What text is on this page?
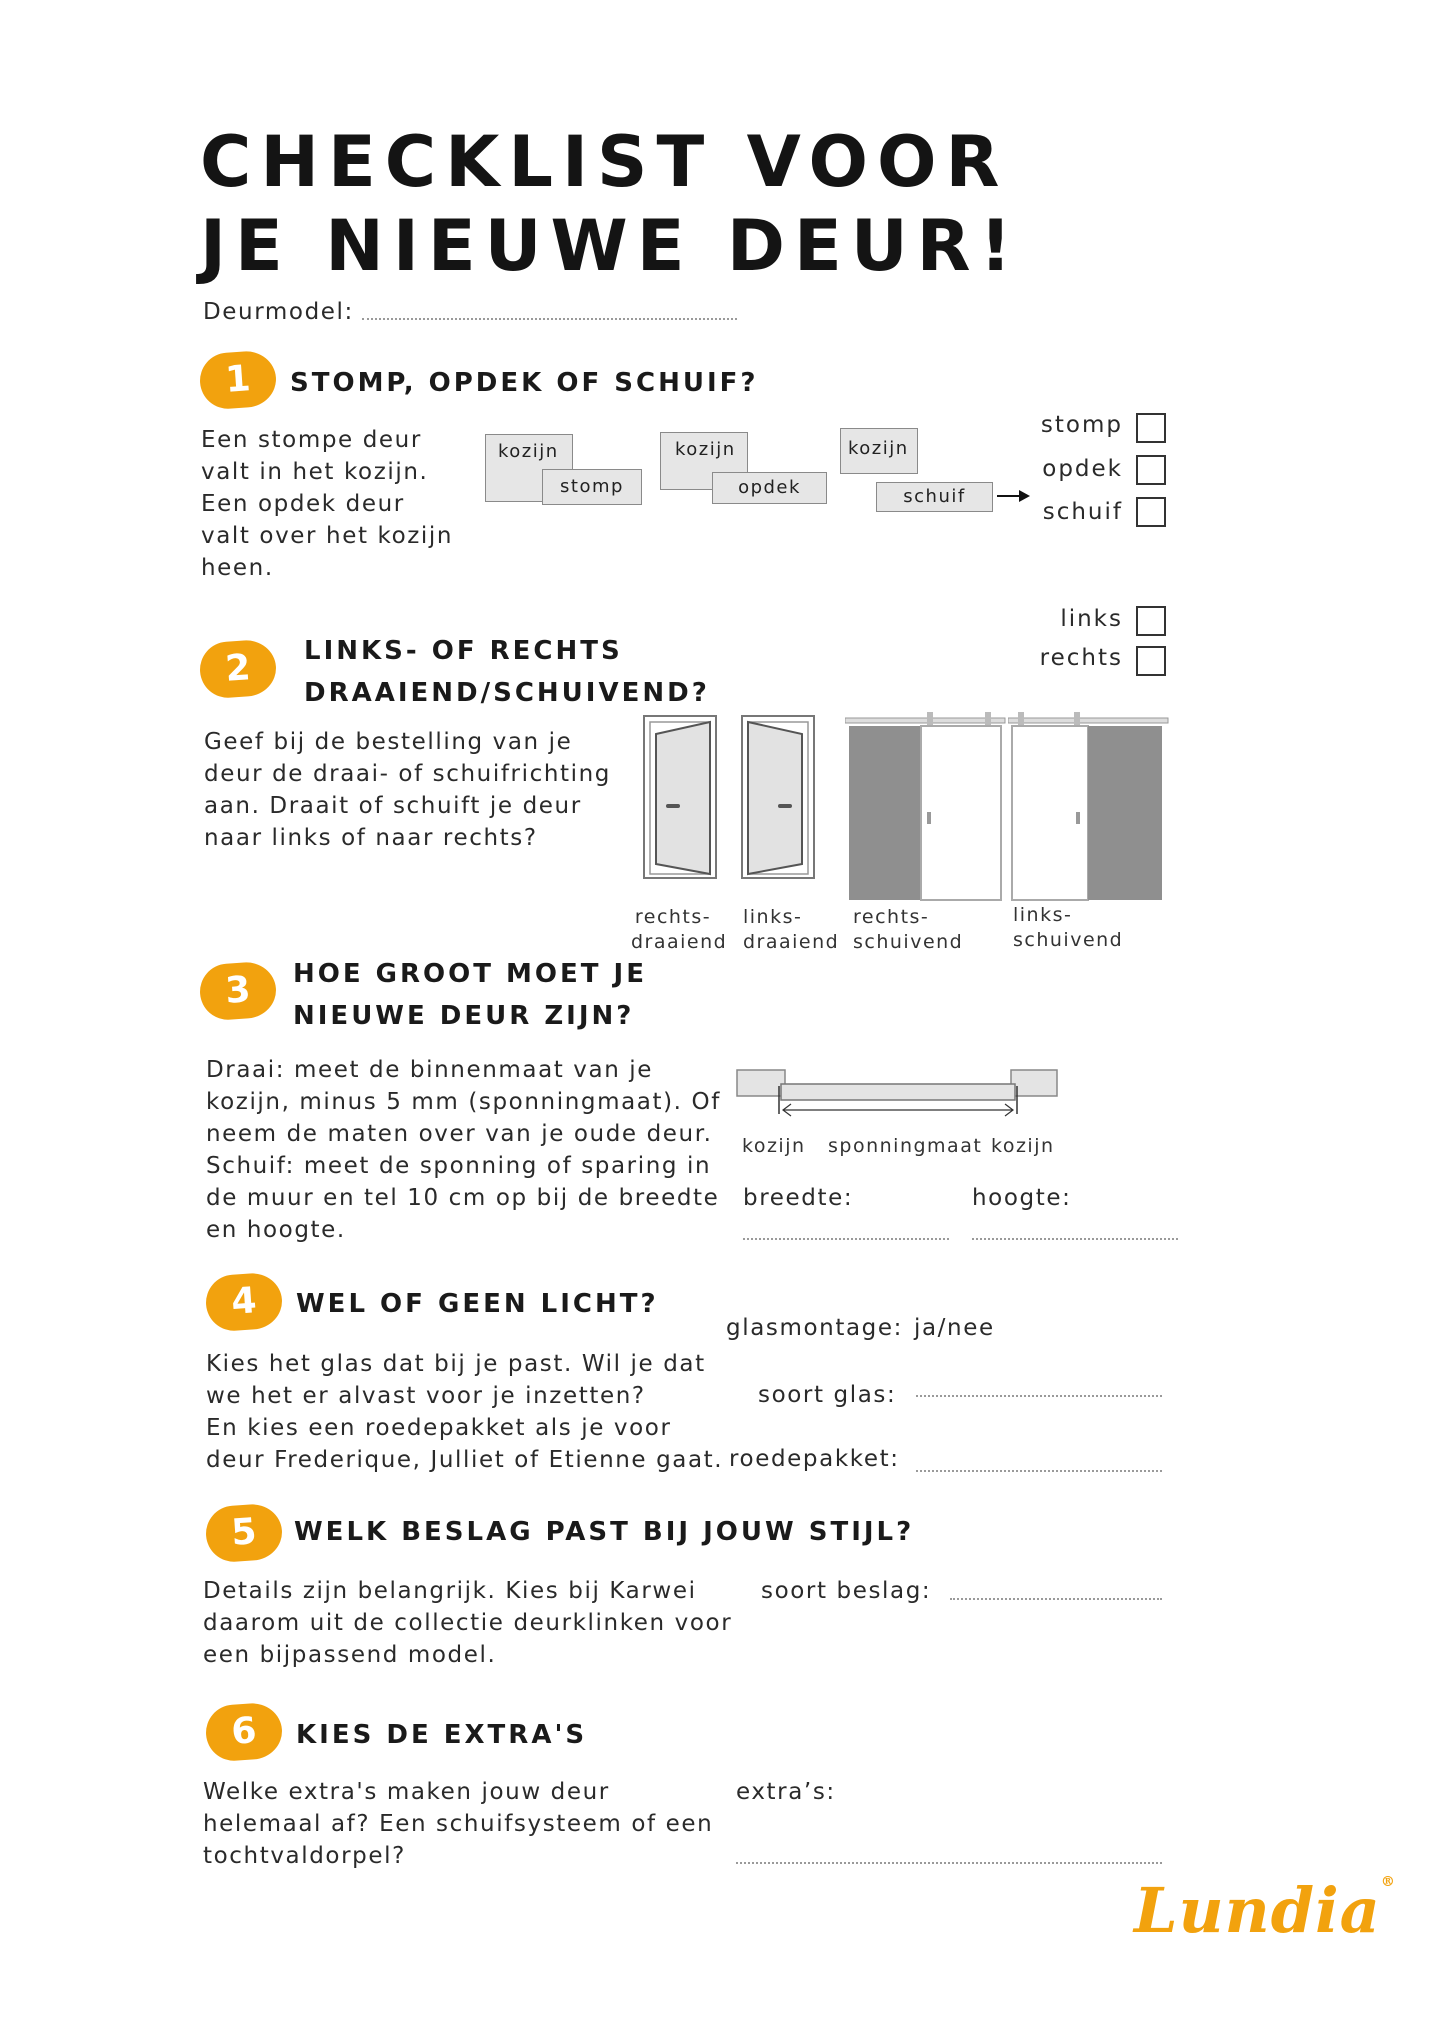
CHECKLIST VOOR
JE NIEUWE DEUR!
Deurmodel:
1	STOMP, OPDEK OF SCHUIF?
Een stompe deur
valt in het kozijn.
Een opdek deur
valt over het kozijn
heen.
kozijn
stomp
kozijn
opdek
kozijn
schuif
stomp
opdek
schuif
links
rechts
2	LINKS- OF RECHTS
DRAAIEND/SCHUIVEND?
Geef bij de bestelling van je
deur de draai- of schuifrichting
aan. Draait of schuift je deur
naar links of naar rechts?
rechts-
draaiend
links-
draaiend
rechts-
schuivend
links-
schuivend
3	HOE GROOT MOET JE
NIEUWE DEUR ZIJN?
Draai: meet de binnenmaat van je
kozijn, minus 5 mm (sponningmaat). Of
neem de maten over van je oude deur.
Schuif: meet de sponning of sparing in
de muur en tel 10 cm op bij de breedte
en hoogte.
kozijn sponningmaat kozijn
breedte:	hoogte:
4	WEL OF GEEN LICHT?
Kies het glas dat bij je past. Wil je dat
we het er alvast voor je inzetten?
En kies een roedepakket als je voor
deur Frederique, Julliet of Etienne gaat.
glasmontage: ja/nee
soort glas:
roedepakket:
5	WELK BESLAG PAST BIJ JOUW STIJL?
Details zijn belangrijk. Kies bij Karwei
daarom uit de collectie deurklinken voor
een bijpassend model.
soort beslag:
6	KIES DE EXTRA'S
Welke extra's maken jouw deur
helemaal af? Een schuifsysteem of een
tochtvaldorpel?
extra’s:
Lundia®
